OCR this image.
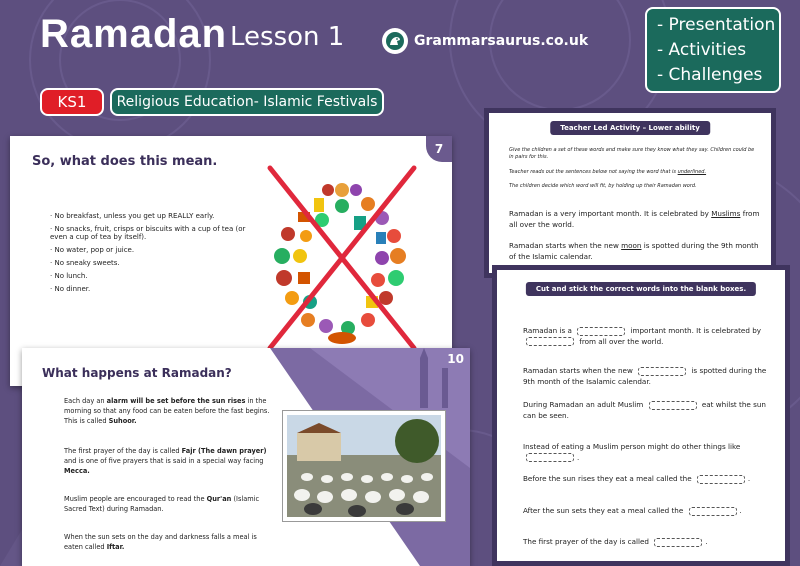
Ramadan Lesson 1	Grammarsaurus.co.uk
- Presentation
- Activities
- Challenges
KS1	Religious Education- Islamic Festivals
Teacher Led Activity – Lower ability
Give the children a set of these words and make sure they know what they say. Children could be in pairs for this.
Teacher reads out the sentences below not saying the word that is underlined.
The children decide which word will fit, by holding up their Ramadan word.
Ramadan is a very important month. It is celebrated by Muslims from all over the world.
Ramadan starts when the new moon is spotted during the 9th month of the Islamic calendar.
Cut and stick the correct words into the blank boxes.
Ramadan is a	important month. It is celebrated by  from all over the world.
Ramadan starts when the new	is spotted during the 9th month of the Isalamic calendar.
During Ramadan an adult Muslim	eat whilst the sun can be seen.
Instead of eating a Muslim person might do other things like.
Before the sun rises they eat a meal called the	.
After the sun sets they eat a meal called the	.
The first prayer of the day is called	.
7
So, what does this mean.
· No breakfast, unless you get up REALLY early.
· No snacks, fruit, crisps or biscuits with a cup of tea (or even a cup of tea by itself).
· No water, pop or juice.
· No sneaky sweets.
· No lunch.
· No dinner.
10
What happens at Ramadan?
Each day an alarm will be set before the sun rises in the morning so that any food can be eaten before the fast begins. This is called Suhoor.
The first prayer of the day is called Fajr (The dawn prayer) and is one of five prayers that is said in a special way facing Mecca.
Muslim people are encouraged to read the Qur'an (Islamic Sacred Text) during Ramadan.
When the sun sets on the day and darkness falls a meal is eaten called Iftar.
